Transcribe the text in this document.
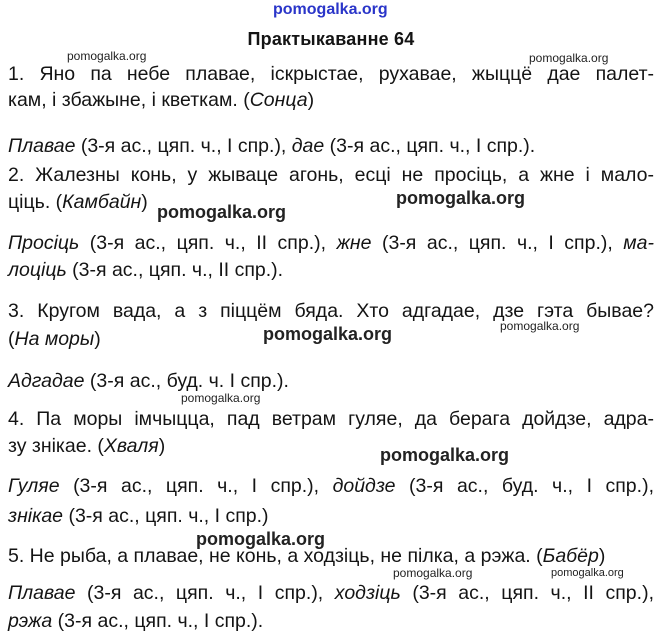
pomogalka.org
Практыкаванне 64
1. Яно па небе плавае, іскрыстае, рухавае, жыццё дае палет-
кам, і збажыне, і кветкам. (Сонца)
Плавае (3-я ас., цяп. ч., I спр.), дае (3-я ас., цяп. ч., I спр.).
2. Жалезны конь, у жываце агонь, есці не просіць, а жне і мало-
ціць. (Камбайн)
Просіць (3-я ас., цяп. ч., II спр.), жне (3-я ас., цяп. ч., I спр.), ма-
лоціць (3-я ас., цяп. ч., II спр.).
3. Кругом вада, а з піццём бяда. Хто адгадае, дзе гэта бывае?
(На моры)
Адгадае (3-я ас., буд. ч. I спр.).
4. Па моры імчыцца, пад ветрам гуляе, да берага дойдзе, адра-
зу знікае. (Хваля)
Гуляе (3-я ас., цяп. ч., I спр.), дойдзе (3-я ас., буд. ч., I спр.),
знікае (3-я ас., цяп. ч., I спр.)
5. Не рыба, а плавае, не конь, а ходзіць, не пілка, а рэжа. (Бабёр)
Плавае (3-я ас., цяп. ч., I спр.), ходзіць (3-я ас., цяп. ч., II спр.),
рэжа (3-я ас., цяп. ч., I спр.).
pomogalka.org	pomogalka.org
pomogalka.org
pomogalka.org
pomogalka.org
pomogalka.org
pomogalka.org
pomogalka.org
pomogalka.org
pomogalka.org	pomogalka.org
